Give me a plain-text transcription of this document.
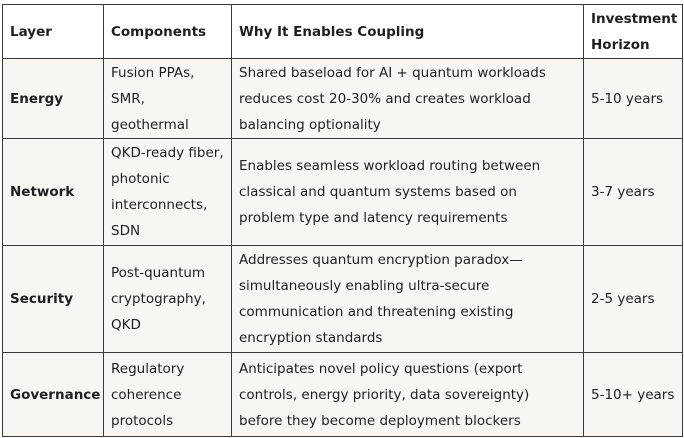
Layer	Components	Why It Enables Coupling	Investment Horizon
Energy	Fusion PPAs, SMR, geothermal	Shared baseload for AI + quantum workloads reduces cost 20-30% and creates workload balancing optionality	5-10 years
Network	QKD-ready fiber, photonic interconnects, SDN	Enables seamless workload routing between classical and quantum systems based on problem type and latency requirements	3-7 years
Security	Post-quantum cryptography, QKD	Addresses quantum encryption paradox—simultaneously enabling ultra-secure communication and threatening existing encryption standards	2-5 years
Governance	Regulatory coherence protocols	Anticipates novel policy questions (export controls, energy priority, data sovereignty) before they become deployment blockers	5-10+ years
